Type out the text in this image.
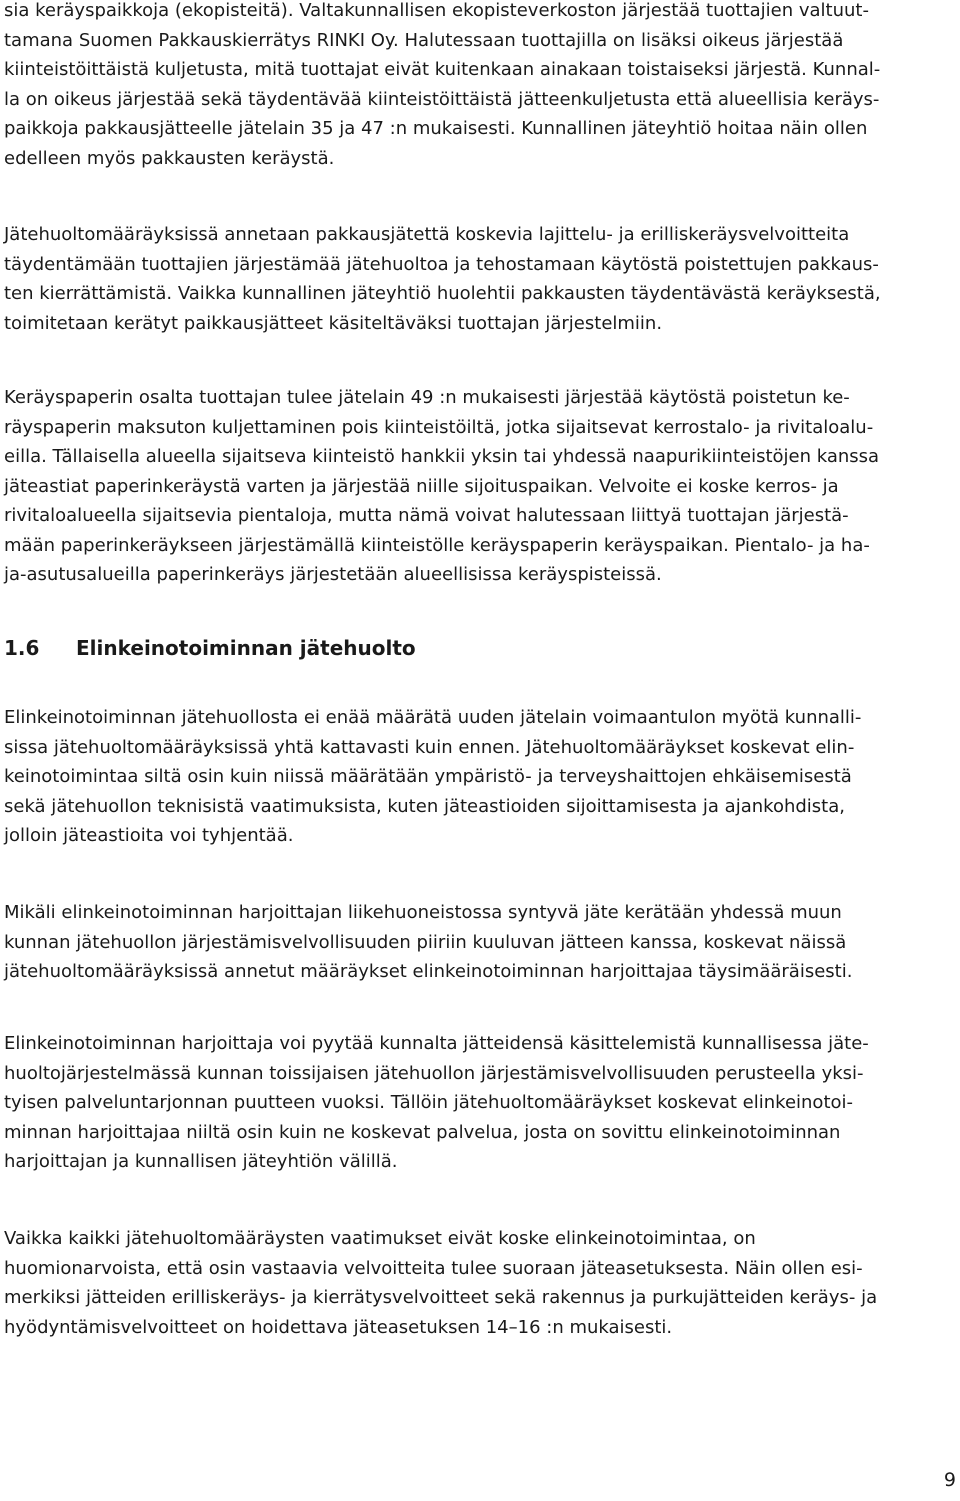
sia keräyspaikkoja (ekopisteitä). Valtakunnallisen ekopisteverkoston järjestää tuottajien valtuut-
tamana Suomen Pakkauskierrätys RINKI Oy. Halutessaan tuottajilla on lisäksi oikeus järjestää
kiinteistöittäistä kuljetusta, mitä tuottajat eivät kuitenkaan ainakaan toistaiseksi järjestä. Kunnal-
la on oikeus järjestää sekä täydentävää kiinteistöittäistä jätteenkuljetusta että alueellisia keräys-
paikkoja pakkausjätteelle jätelain 35 ja 47 :n mukaisesti. Kunnallinen jäteyhtiö hoitaa näin ollen
edelleen myös pakkausten keräystä.
Jätehuoltomääräyksissä annetaan pakkausjätettä koskevia lajittelu- ja erilliskeräysvelvoitteita
täydentämään tuottajien järjestämää jätehuoltoa ja tehostamaan käytöstä poistettujen pakkaus-
ten kierrättämistä. Vaikka kunnallinen jäteyhtiö huolehtii pakkausten täydentävästä keräyksestä,
toimitetaan kerätyt paikkausjätteet käsiteltäväksi tuottajan järjestelmiin.
Keräyspaperin osalta tuottajan tulee jätelain 49 :n mukaisesti järjestää käytöstä poistetun ke-
räyspaperin maksuton kuljettaminen pois kiinteistöiltä, jotka sijaitsevat kerrostalo- ja rivitaloalu-
eilla. Tällaisella alueella sijaitseva kiinteistö hankkii yksin tai yhdessä naapurikiinteistöjen kanssa
jäteastiat paperinkeräystä varten ja järjestää niille sijoituspaikan. Velvoite ei koske kerros- ja
rivitaloalueella sijaitsevia pientaloja, mutta nämä voivat halutessaan liittyä tuottajan järjestä-
mään paperinkeräykseen järjestämällä kiinteistölle keräyspaperin keräyspaikan. Pientalo- ja ha-
ja-asutusalueilla paperinkeräys järjestetään alueellisissa keräyspisteissä.
1.6	Elinkeinotoiminnan jätehuolto
Elinkeinotoiminnan jätehuollosta ei enää määrätä uuden jätelain voimaantulon myötä kunnalli-
sissa jätehuoltomääräyksissä yhtä kattavasti kuin ennen. Jätehuoltomääräykset koskevat elin-
keinotoimintaa siltä osin kuin niissä määrätään ympäristö- ja terveyshaittojen ehkäisemisestä
sekä jätehuollon teknisistä vaatimuksista, kuten jäteastioiden sijoittamisesta ja ajankohdista,
jolloin jäteastioita voi tyhjentää.
Mikäli elinkeinotoiminnan harjoittajan liikehuoneistossa syntyvä jäte kerätään yhdessä muun
kunnan jätehuollon järjestämisvelvollisuuden piiriin kuuluvan jätteen kanssa, koskevat näissä
jätehuoltomääräyksissä annetut määräykset elinkeinotoiminnan harjoittajaa täysimääräisesti.
Elinkeinotoiminnan harjoittaja voi pyytää kunnalta jätteidensä käsittelemistä kunnallisessa jäte-
huoltojärjestelmässä kunnan toissijaisen jätehuollon järjestämisvelvollisuuden perusteella yksi-
tyisen palveluntarjonnan puutteen vuoksi. Tällöin jätehuoltomääräykset koskevat elinkeinotoi-
minnan harjoittajaa niiltä osin kuin ne koskevat palvelua, josta on sovittu elinkeinotoiminnan
harjoittajan ja kunnallisen jäteyhtiön välillä.
Vaikka kaikki jätehuoltomääräysten vaatimukset eivät koske elinkeinotoimintaa, on
huomionarvoista, että osin vastaavia velvoitteita tulee suoraan jäteasetuksesta. Näin ollen esi-
merkiksi jätteiden erilliskeräys- ja kierrätysvelvoitteet sekä rakennus ja purkujätteiden keräys- ja
hyödyntämisvelvoitteet on hoidettava jäteasetuksen 14–16 :n mukaisesti.
9
